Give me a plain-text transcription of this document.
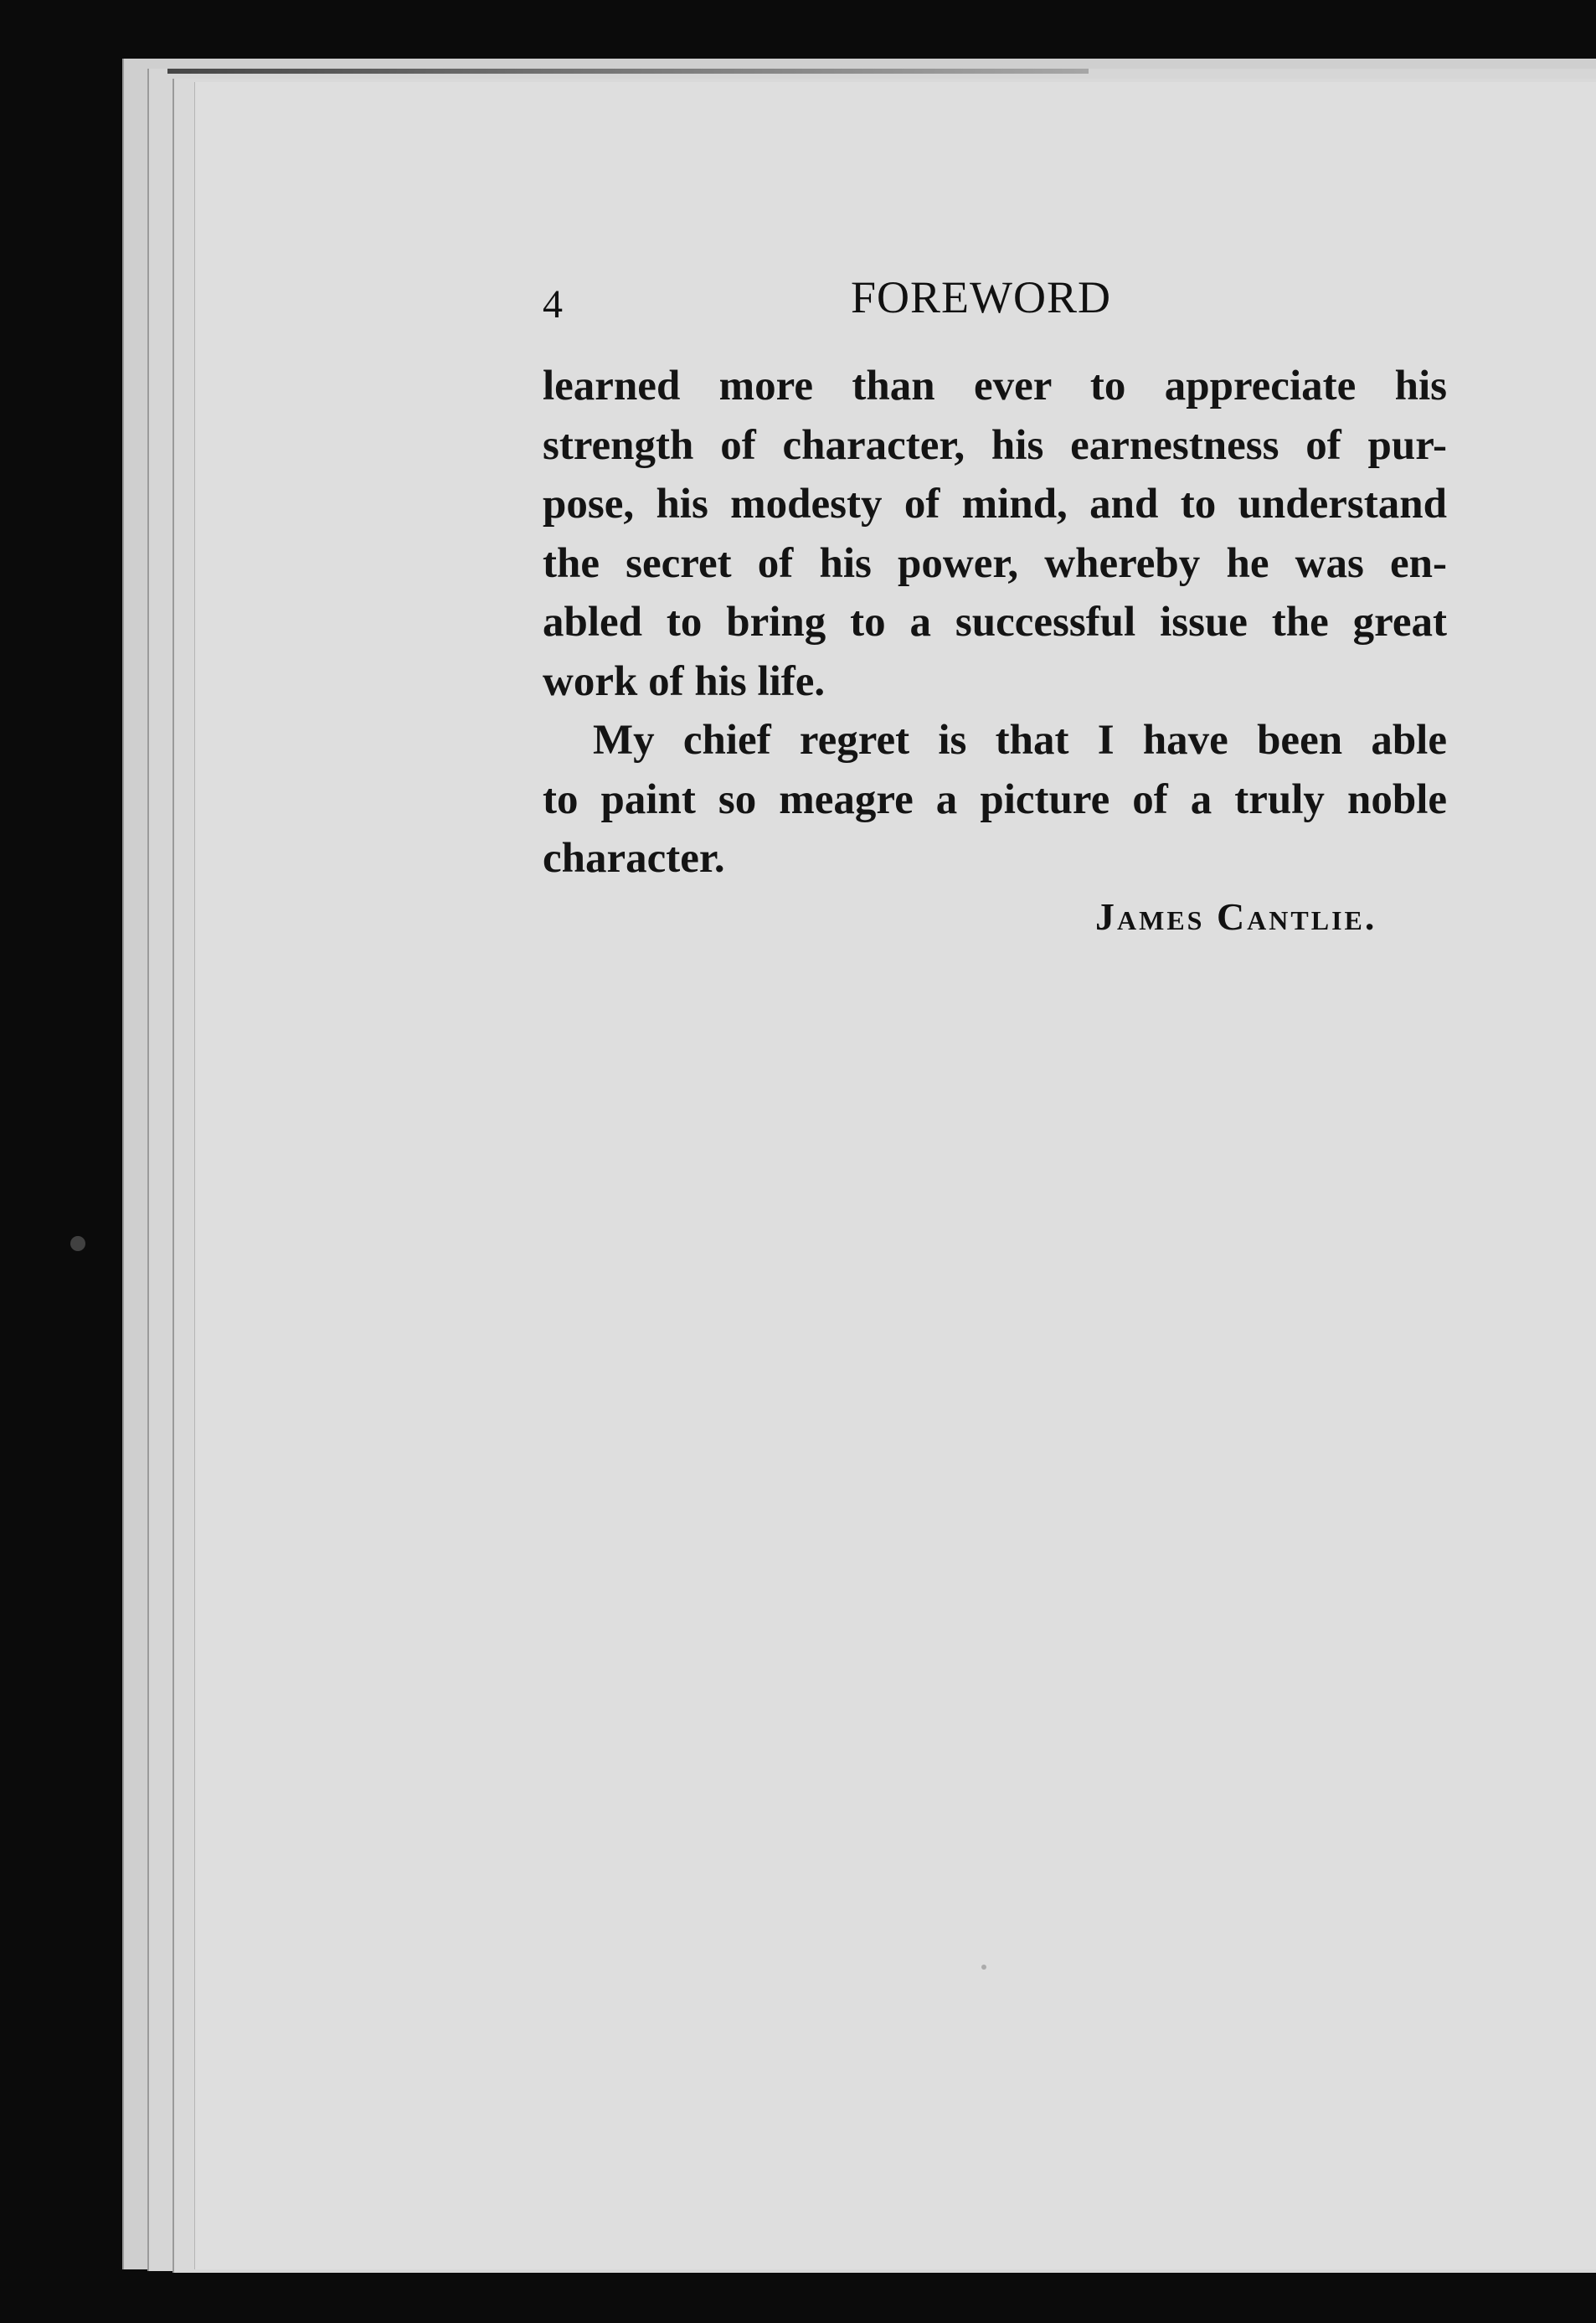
4	FOREWORD
learned more than ever to appreciate his
strength of character, his earnestness of pur-
pose, his modesty of mind, and to understand
the secret of his power, whereby he was en-
abled to bring to a successful issue the great
work of his life.
My chief regret is that I have been able
to paint so meagre a picture of a truly noble
character.
James Cantlie.
